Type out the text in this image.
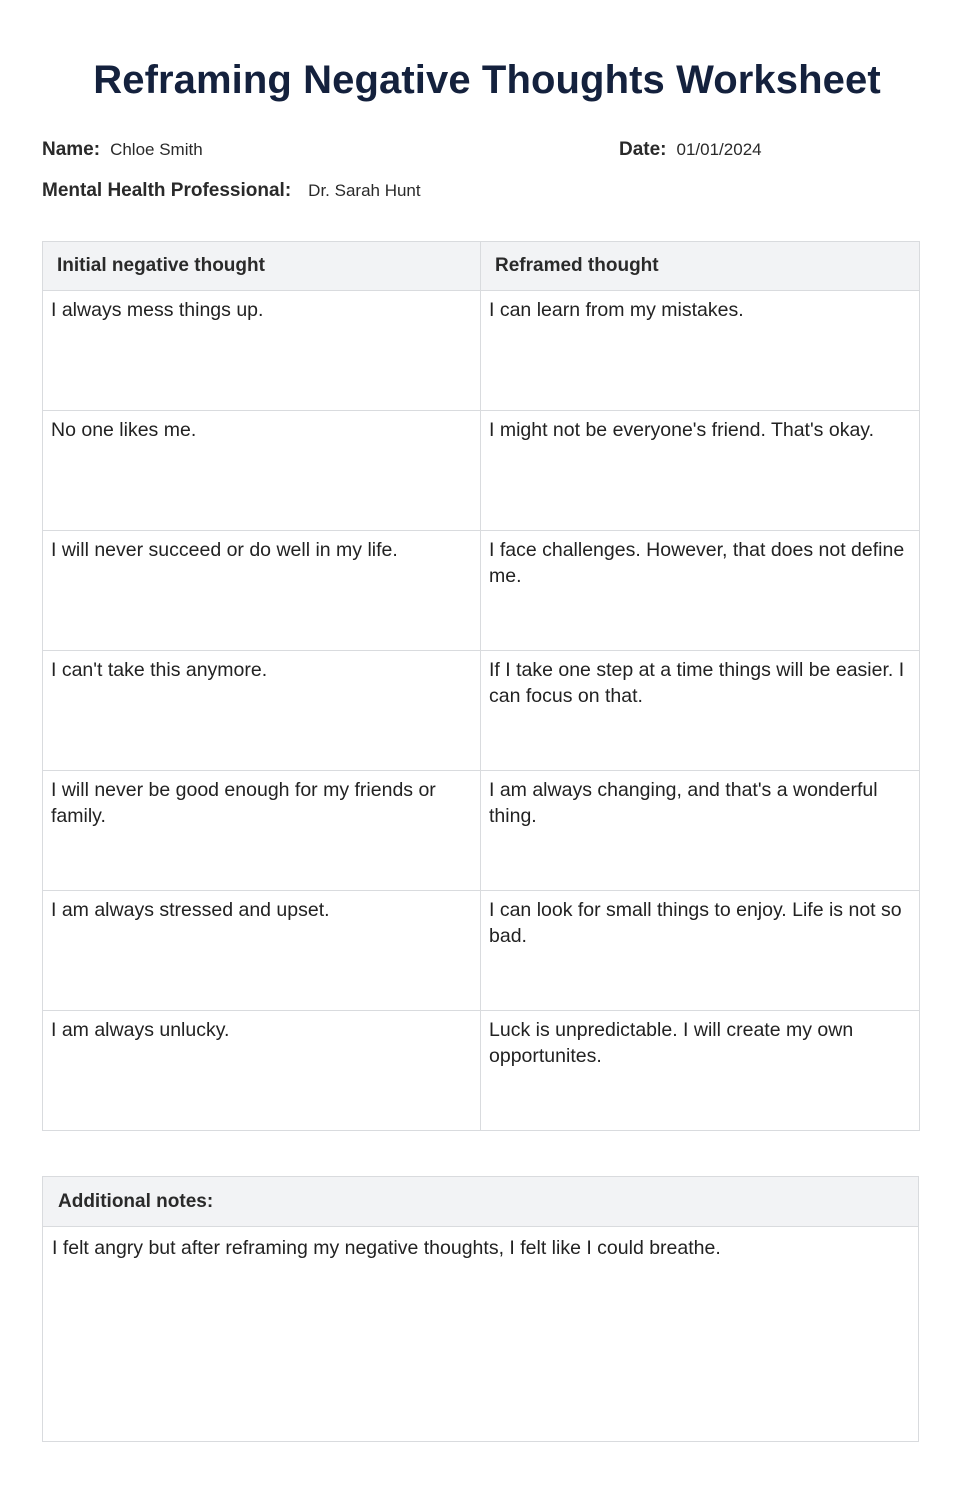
Reframing Negative Thoughts Worksheet
Name: Chloe Smith	Date: 01/01/2024
Mental Health Professional: Dr. Sarah Hunt
Initial negative thought	Reframed thought
I always mess things up.	I can learn from my mistakes.
No one likes me.	I might not be everyone's friend. That's okay.
I will never succeed or do well in my life.	I face challenges. However, that does not define me.
I can't take this anymore.	If I take one step at a time things will be easier. I can focus on that.
I will never be good enough for my friends or family.	I am always changing, and that's a wonderful thing.
I am always stressed and upset.	I can look for small things to enjoy. Life is not so bad.
I am always unlucky.	Luck is unpredictable. I will create my own opportunites.
Additional notes:
I felt angry but after reframing my negative thoughts, I felt like I could breathe.
